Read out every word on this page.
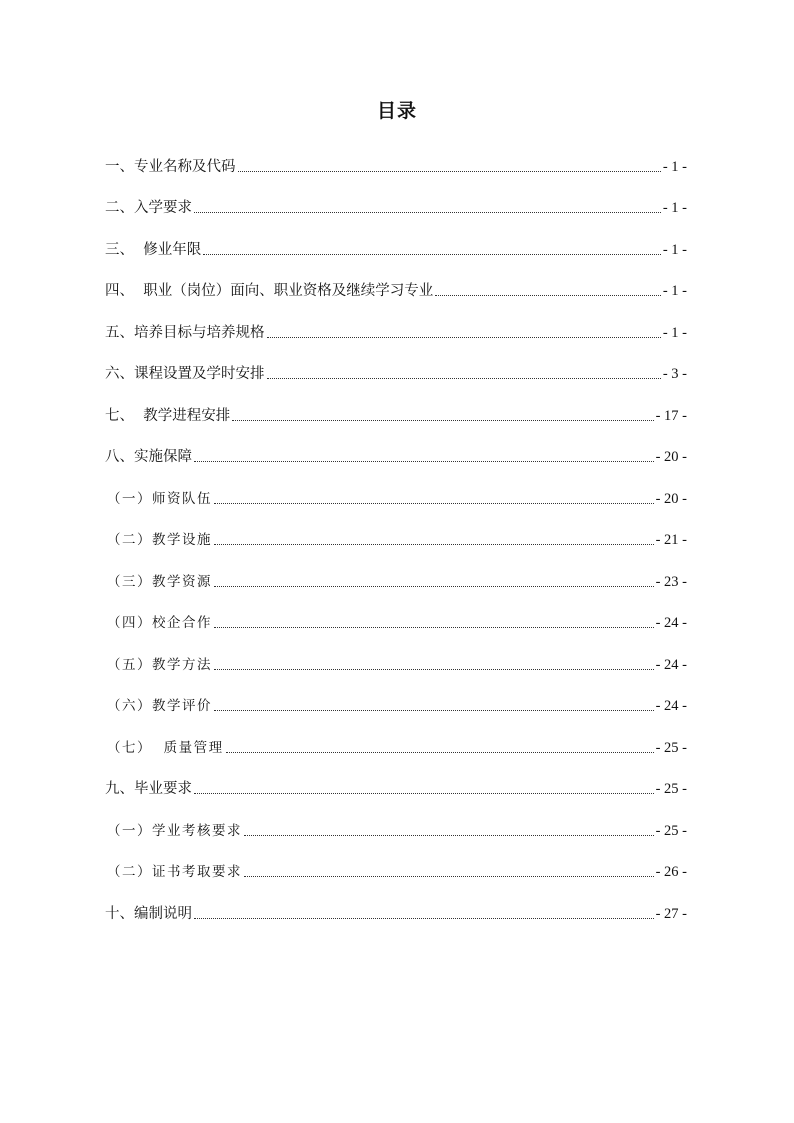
目录
一、专业名称及代码	- 1 -
二、入学要求	- 1 -
三、  修业年限	- 1 -
四、  职业（岗位）面向、职业资格及继续学习专业	- 1 -
五、培养目标与培养规格	- 1 -
六、课程设置及学时安排	- 3 -
七、  教学进程安排	- 17 -
八、实施保障	- 20 -
（一）师资队伍	- 20 -
（二）教学设施	- 21 -
（三）教学资源	- 23 -
（四）校企合作	- 24 -
（五）教学方法	- 24 -
（六）教学评价	- 24 -
（七）  质量管理	- 25 -
九、毕业要求	- 25 -
（一）学业考核要求	- 25 -
（二）证书考取要求	- 26 -
十、编制说明	- 27 -
